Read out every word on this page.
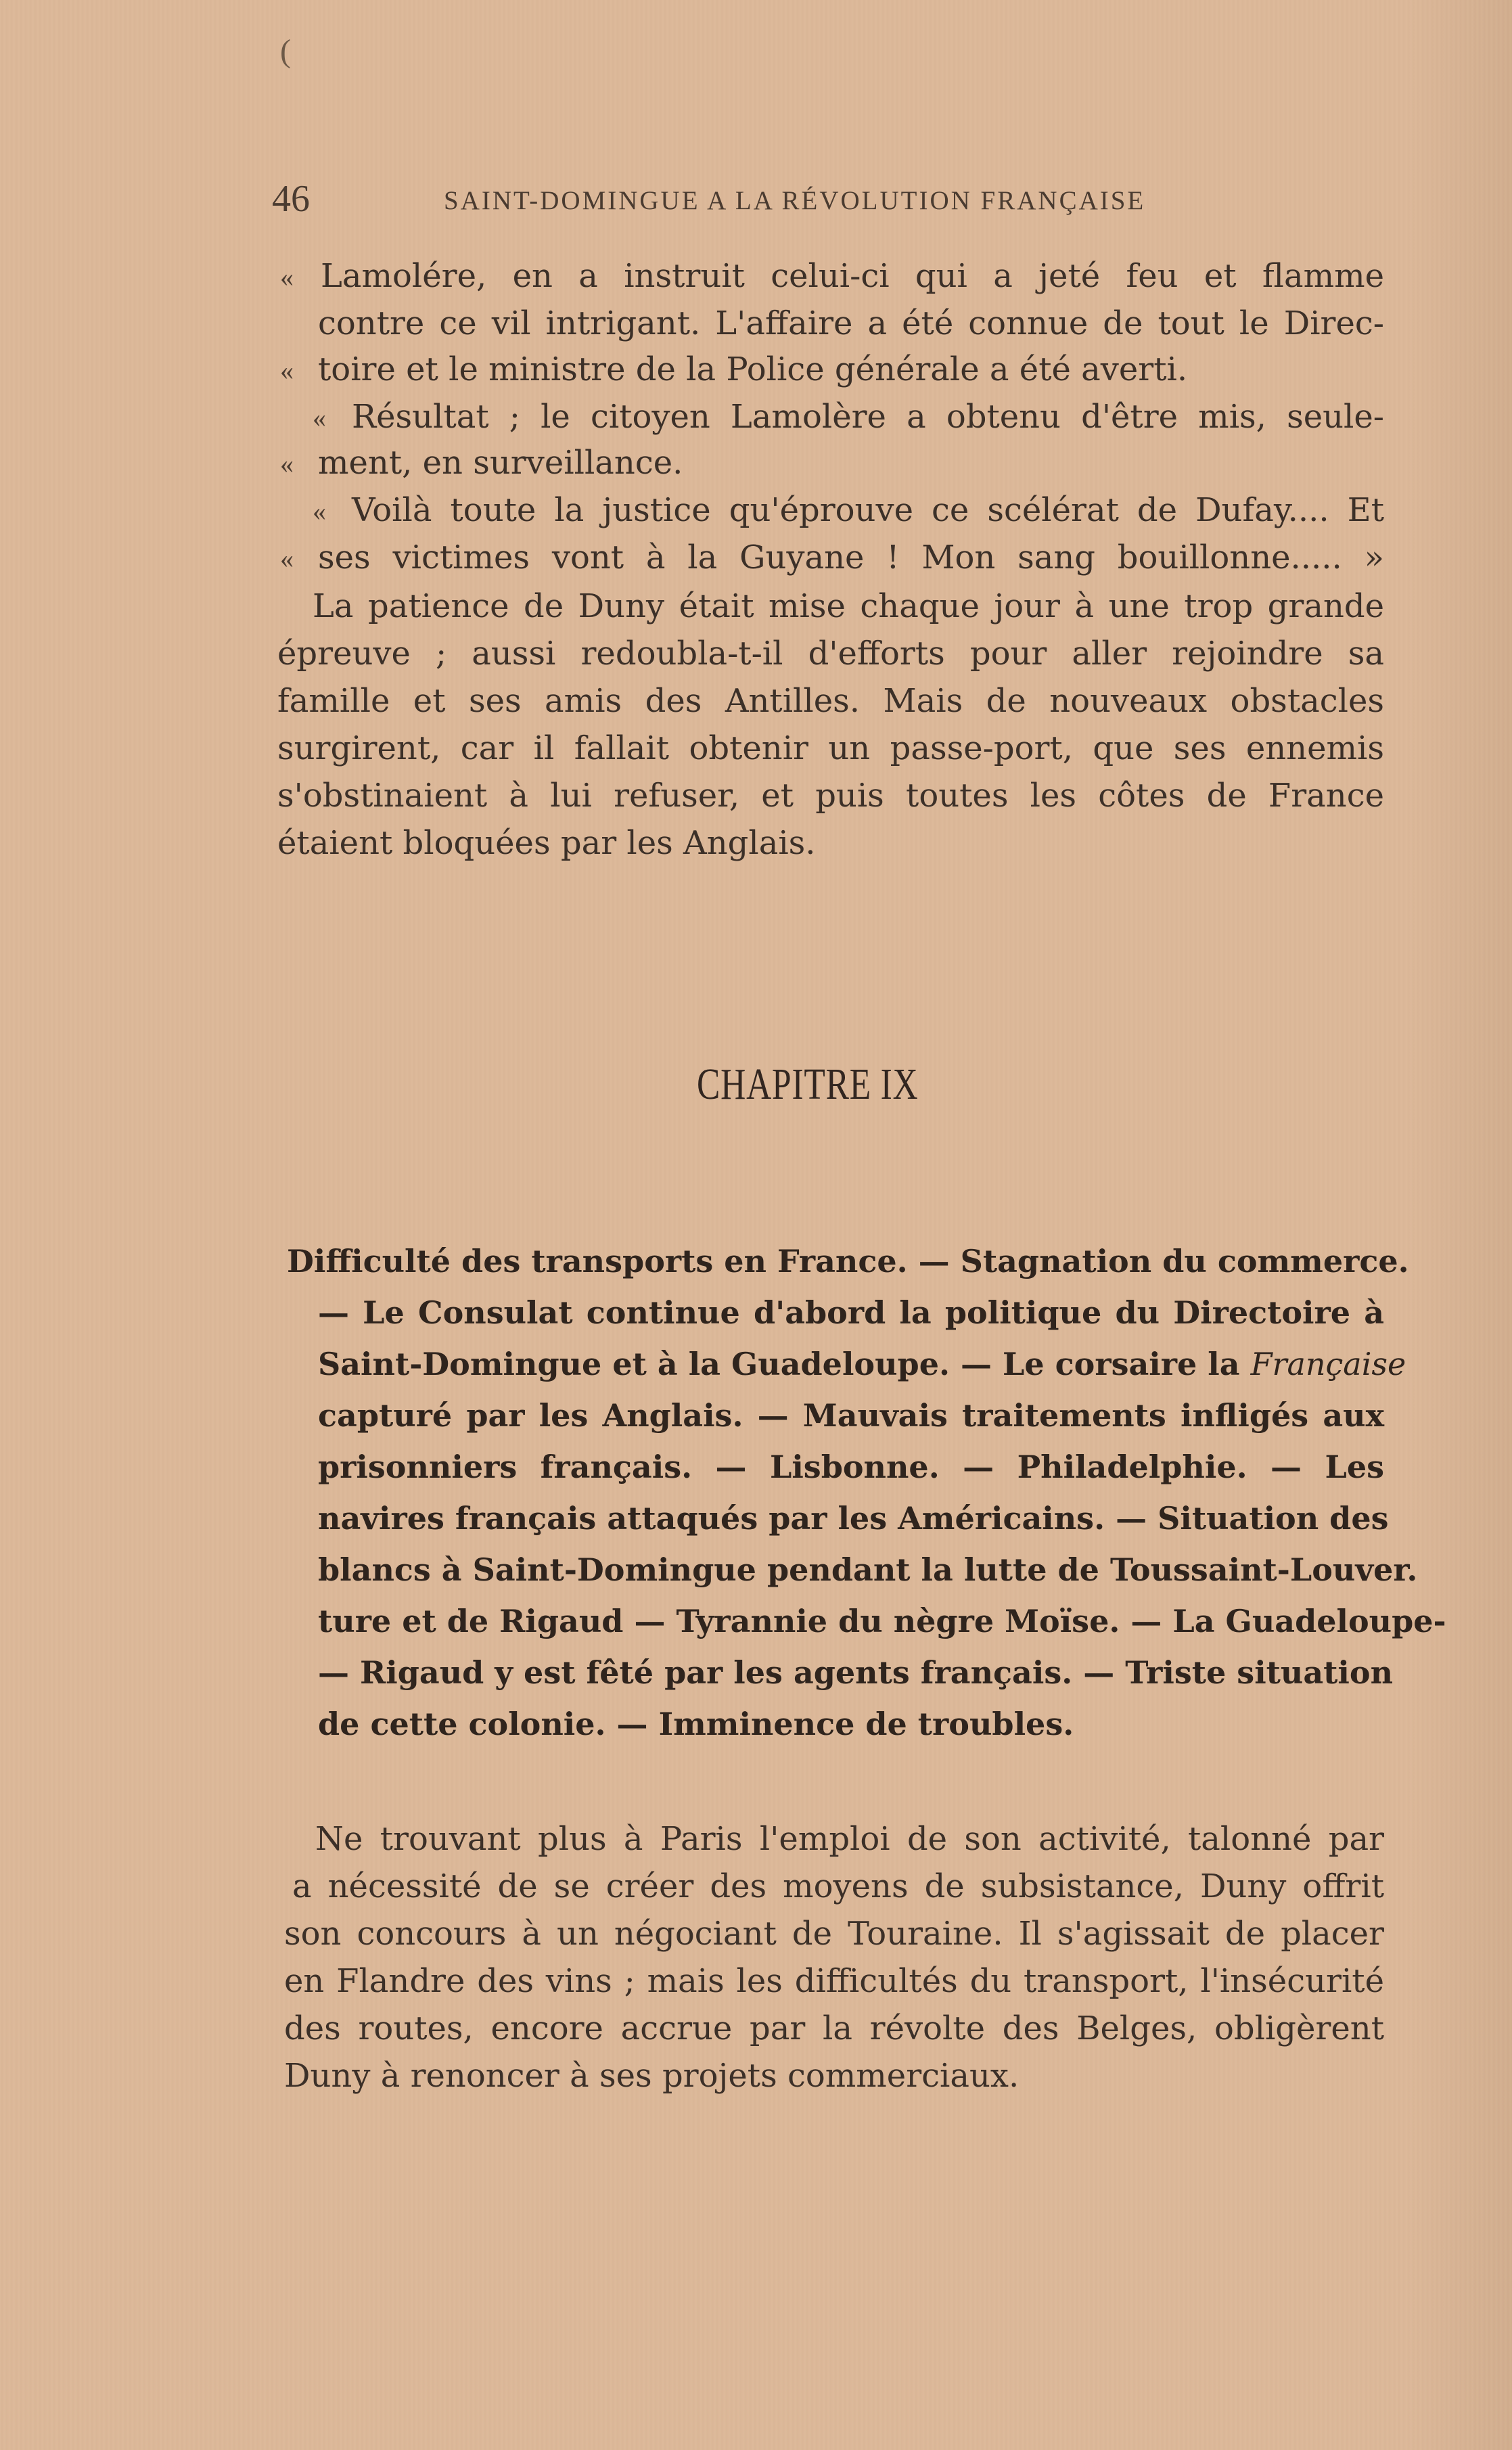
(
46	SAINT-DOMINGUE A LA RÉVOLUTION FRANÇAISE
« Lamolére, en a instruit celui-ci qui a jeté feu et flamme
contre ce vil intrigant. L'affaire a été connue de tout le Direc-
« toire et le ministre de la Police générale a été averti.
« Résultat ; le citoyen Lamolère a obtenu d'être mis, seule-
« ment, en surveillance.
« Voilà toute la justice qu'éprouve ce scélérat de Dufay.... Et
« ses victimes vont à la Guyane ! Mon sang bouillonne..... »
La patience de Duny était mise chaque jour à une trop grande
épreuve ; aussi redoubla-t-il d'efforts pour aller rejoindre sa
famille et ses amis des Antilles. Mais de nouveaux obstacles
surgirent, car il fallait obtenir un passe-port, que ses ennemis
s'obstinaient à lui refuser, et puis toutes les côtes de France
étaient bloquées par les Anglais.
CHAPITRE IX
Difficulté des transports en France. — Stagnation du commerce.
— Le Consulat continue d'abord la politique du Directoire à
Saint-Domingue et à la Guadeloupe. — Le corsaire la Française
capturé par les Anglais. — Mauvais traitements infligés aux
prisonniers français. — Lisbonne. — Philadelphie. — Les
navires français attaqués par les Américains. — Situation des
blancs à Saint-Domingue pendant la lutte de Toussaint-Louver.
ture et de Rigaud — Tyrannie du nègre Moïse. — La Guadeloupe-
— Rigaud y est fêté par les agents français. — Triste situation
de cette colonie. — Imminence de troubles.
Ne trouvant plus à Paris l'emploi de son activité, talonné par
a nécessité de se créer des moyens de subsistance, Duny offrit
son concours à un négociant de Touraine. Il s'agissait de placer
en Flandre des vins ; mais les difficultés du transport, l'insécurité
des routes, encore accrue par la révolte des Belges, obligèrent
Duny à renoncer à ses projets commerciaux.
